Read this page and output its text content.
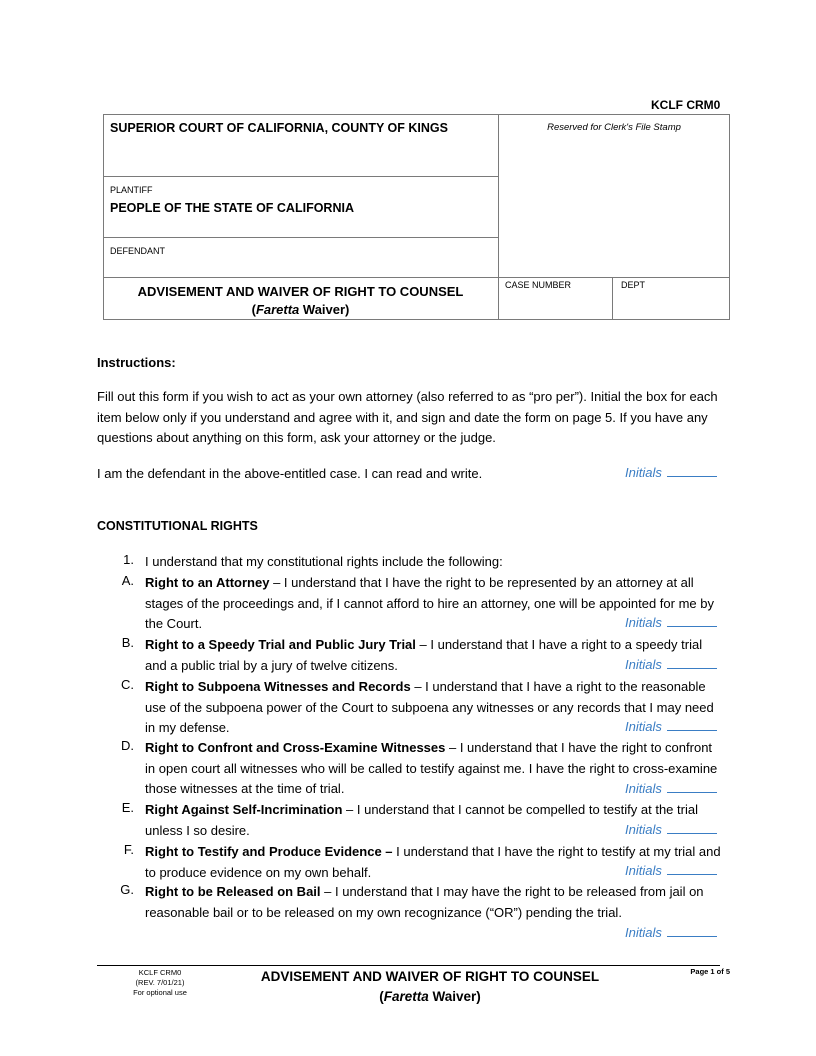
KCLF CRM0
SUPERIOR COURT OF CALIFORNIA, COUNTY OF KINGS	Reserved for Clerk's File Stamp
PLANTIFF
PEOPLE OF THE STATE OF CALIFORNIA
DEFENDANT
ADVISEMENT AND WAIVER OF RIGHT TO COUNSEL
(Faretta Waiver)
CASE NUMBER	DEPT
Instructions:
Fill out this form if you wish to act as your own attorney (also referred to as “pro per”). Initial the box for each item below only if you understand and agree with it, and sign and date the form on page 5. If you have any questions about anything on this form, ask your attorney or the judge.
I am the defendant in the above-entitled case. I can read and write.	Initials
CONSTITUTIONAL RIGHTS
1. I understand that my constitutional rights include the following:
A. Right to an Attorney – I understand that I have the right to be represented by an attorney at all stages of the proceedings and, if I cannot afford to hire an attorney, one will be appointed for me by the Court.	Initials
B. Right to a Speedy Trial and Public Jury Trial – I understand that I have a right to a speedy trial and a public trial by a jury of twelve citizens.	Initials
C. Right to Subpoena Witnesses and Records – I understand that I have a right to the reasonable use of the subpoena power of the Court to subpoena any witnesses or any records that I may need in my defense.	Initials
D. Right to Confront and Cross-Examine Witnesses – I understand that I have the right to confront in open court all witnesses who will be called to testify against me. I have the right to cross-examine those witnesses at the time of trial.	Initials
E. Right Against Self-Incrimination – I understand that I cannot be compelled to testify at the trial unless I so desire.	Initials
F. Right to Testify and Produce Evidence – I understand that I have the right to testify at my trial and to produce evidence on my own behalf.	Initials
G. Right to be Released on Bail – I understand that I may have the right to be released from jail on reasonable bail or to be released on my own recognizance (“OR”) pending the trial.
Initials
KCLF CRM0
(REV. 7/01/21)
For optional use
ADVISEMENT AND WAIVER OF RIGHT TO COUNSEL
(Faretta Waiver)
Page 1 of 5
